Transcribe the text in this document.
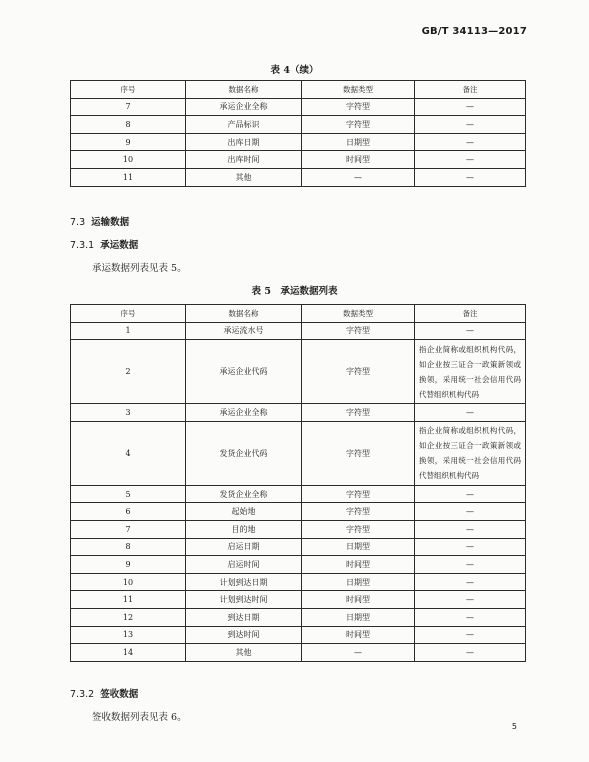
GB/T 34113—2017
表 4（续）
序号	数据名称	数据类型	备注
7	承运企业全称	字符型	—
8	产品标识	字符型	—
9	出库日期	日期型	—
10	出库时间	时间型	—
11	其他	—	—
7.3 运输数据
7.3.1 承运数据
承运数据列表见表 5。
表 5　承运数据列表
序号	数据名称	数据类型	备注
1	承运流水号	字符型	—
2	承运企业代码	字符型	指企业简称或组织机构代码，如企业按三证合一政策新领或换领，采用统一社会信用代码代替组织机构代码
3	承运企业全称	字符型	—
4	发货企业代码	字符型	指企业简称或组织机构代码，如企业按三证合一政策新领或换领，采用统一社会信用代码代替组织机构代码
5	发货企业全称	字符型	—
6	起始地	字符型	—
7	目的地	字符型	—
8	启运日期	日期型	—
9	启运时间	时间型	—
10	计划到达日期	日期型	—
11	计划到达时间	时间型	—
12	到达日期	日期型	—
13	到达时间	时间型	—
14	其他	—	—
7.3.2 签收数据
签收数据列表见表 6。
5
